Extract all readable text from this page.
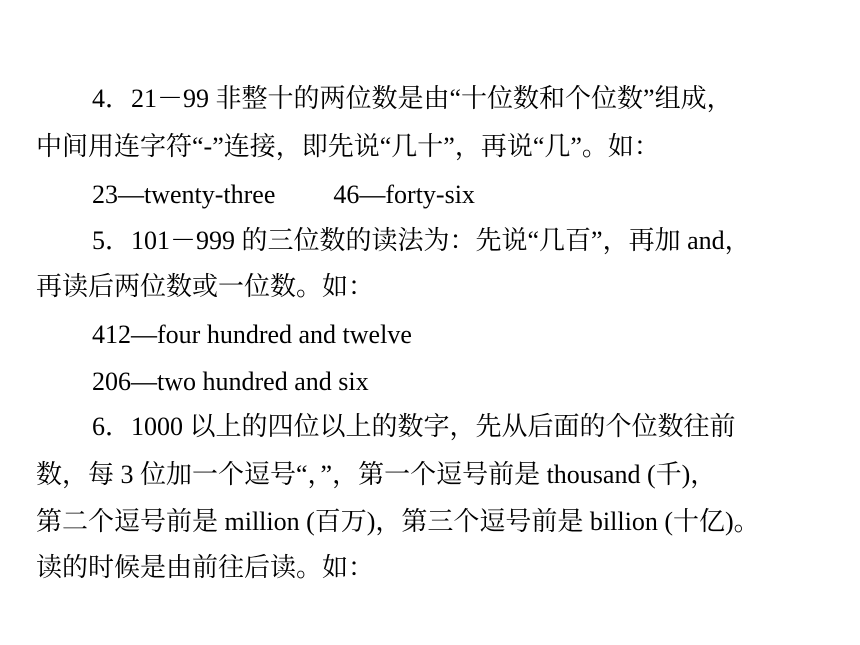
4．21－99 非整十的两位数是由“十位数和个位数”组成，
中间用连字符“-”连接，即先说“几十”，再说“几”。如：
23—twenty-three 46—forty-six
5．101－999 的三位数的读法为：先说“几百”，再加 and，
再读后两位数或一位数。如：
412—four hundred and twelve
206—two hundred and six
6．1000 以上的四位以上的数字，先从后面的个位数往前
数，每 3 位加一个逗号“，”，第一个逗号前是 thousand (千)，
第二个逗号前是 million (百万)，第三个逗号前是 billion (十亿)。
读的时候是由前往后读。如：
